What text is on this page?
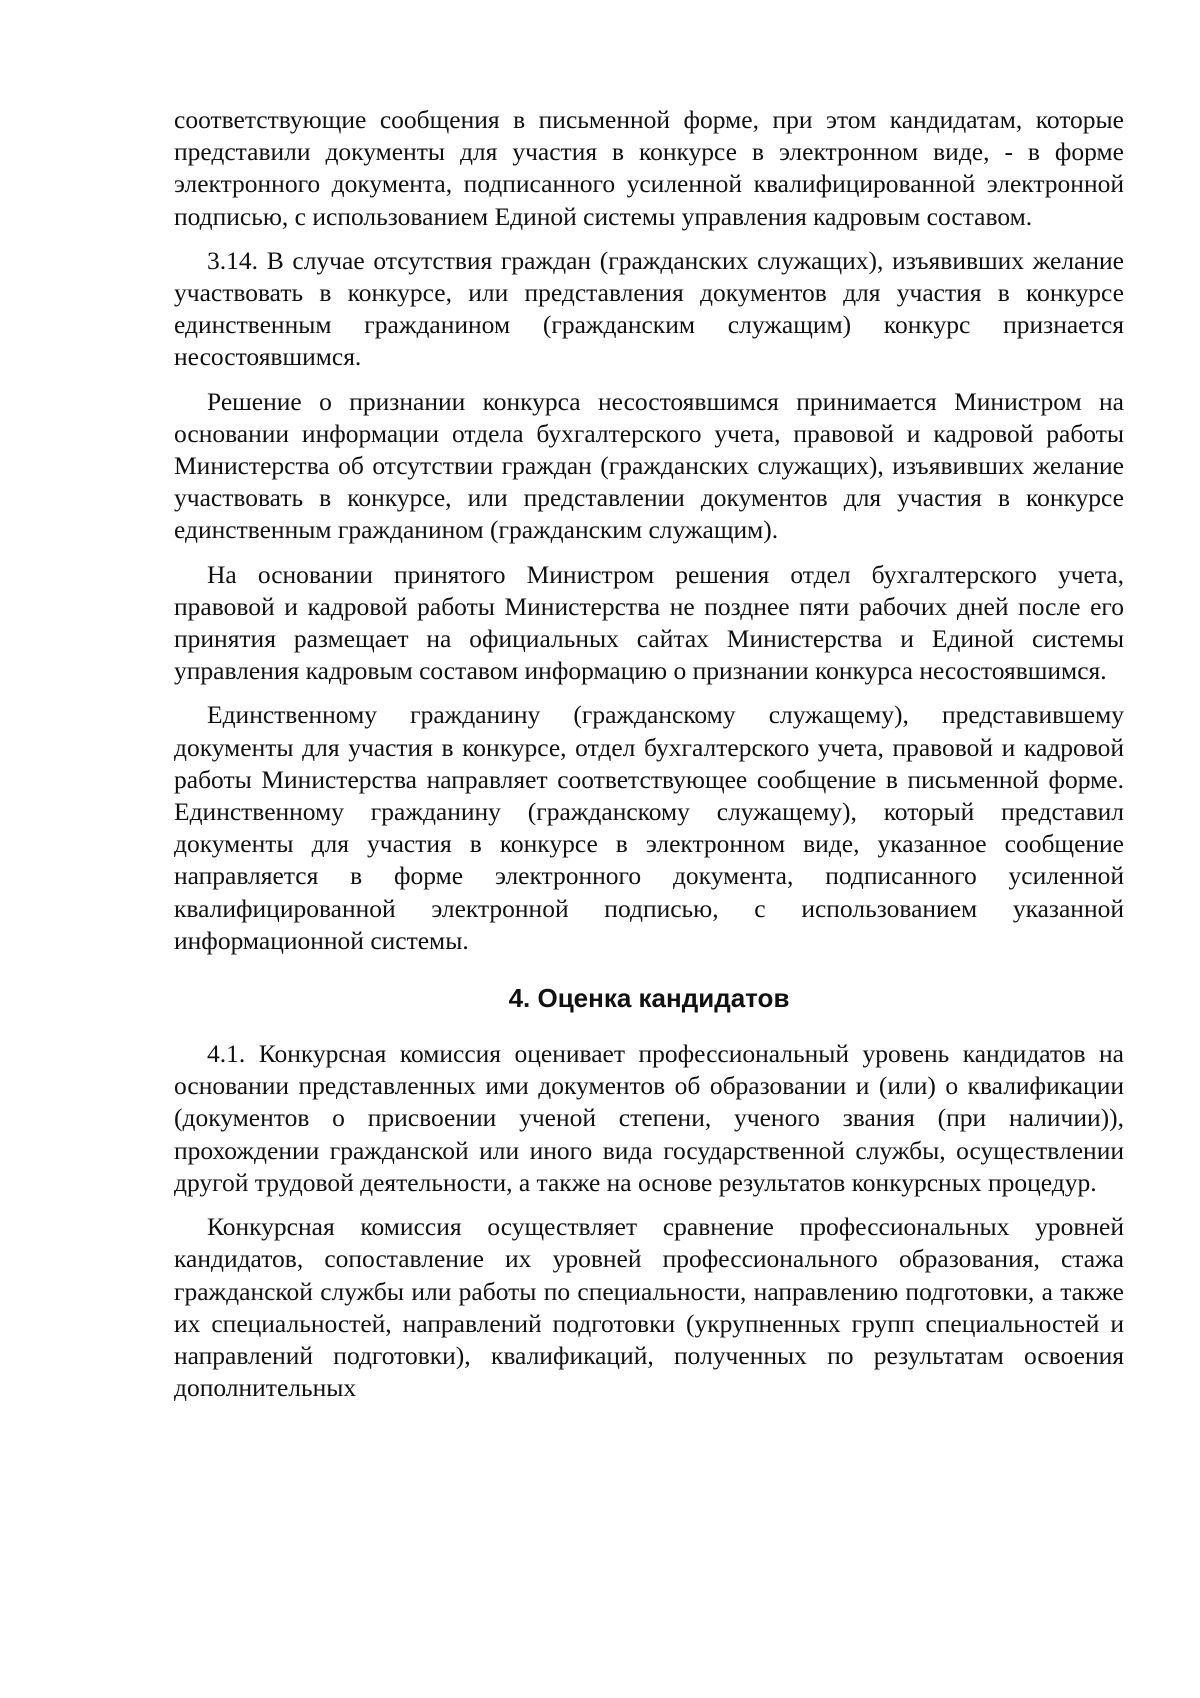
соответствующие сообщения в письменной форме, при этом кандидатам, которые представили документы для участия в конкурсе в электронном виде, - в форме электронного документа, подписанного усиленной квалифицированной электронной подписью, с использованием Единой системы управления кадровым составом.

3.14. В случае отсутствия граждан (гражданских служащих), изъявивших желание участвовать в конкурсе, или представления документов для участия в конкурсе единственным гражданином (гражданским служащим) конкурс признается несостоявшимся.

Решение о признании конкурса несостоявшимся принимается Министром на основании информации отдела бухгалтерского учета, правовой и кадровой работы Министерства об отсутствии граждан (гражданских служащих), изъявивших желание участвовать в конкурсе, или представлении документов для участия в конкурсе единственным гражданином (гражданским служащим).

На основании принятого Министром решения отдел бухгалтерского учета, правовой и кадровой работы Министерства не позднее пяти рабочих дней после его принятия размещает на официальных сайтах Министерства и Единой системы управления кадровым составом информацию о признании конкурса несостоявшимся.

Единственному гражданину (гражданскому служащему), представившему документы для участия в конкурсе, отдел бухгалтерского учета, правовой и кадровой работы Министерства направляет соответствующее сообщение в письменной форме. Единственному гражданину (гражданскому служащему), который представил документы для участия в конкурсе в электронном виде, указанное сообщение направляется в форме электронного документа, подписанного усиленной квалифицированной электронной подписью, с использованием указанной информационной системы.

4. Оценка кандидатов

4.1. Конкурсная комиссия оценивает профессиональный уровень кандидатов на основании представленных ими документов об образовании и (или) о квалификации (документов о присвоении ученой степени, ученого звания (при наличии)), прохождении гражданской или иного вида государственной службы, осуществлении другой трудовой деятельности, а также на основе результатов конкурсных процедур.

Конкурсная комиссия осуществляет сравнение профессиональных уровней кандидатов, сопоставление их уровней профессионального образования, стажа гражданской службы или работы по специальности, направлению подготовки, а также их специальностей, направлений подготовки (укрупненных групп специальностей и направлений подготовки), квалификаций, полученных по результатам освоения дополнительных
